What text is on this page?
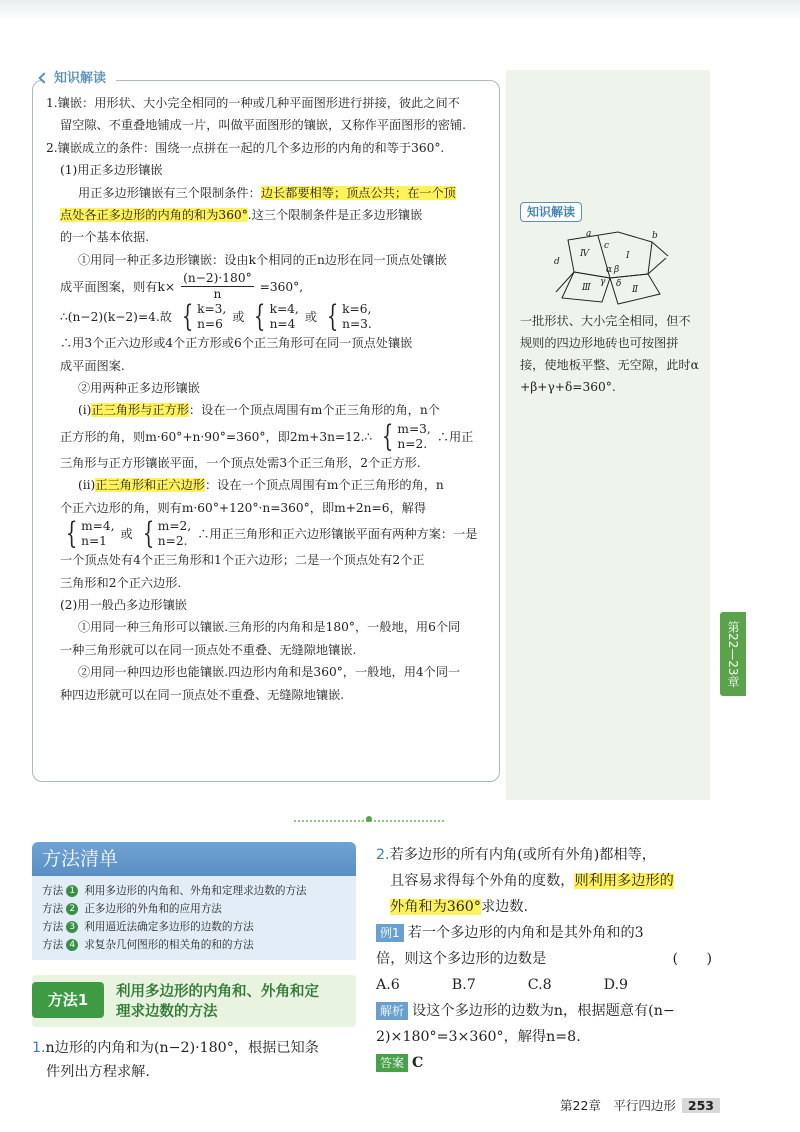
知识解读

1.镶嵌：用形状、大小完全相同的一种或几种平面图形进行拼接，彼此之间不

留空隙、不重叠地铺成一片，叫做平面图形的镶嵌，又称作平面图形的密铺.

2.镶嵌成立的条件：围绕一点拼在一起的几个多边形的内角的和等于360°.

(1)用正多边形镶嵌

用正多边形镶嵌有三个限制条件：边长都要相等；顶点公共；在一个顶

点处各正多边形的内角的和为360°.这三个限制条件是正多边形镶嵌

的一个基本依据.

①用同一种正多边形镶嵌：设由k个相同的正n边形在同一顶点处镶嵌

成平面图案，则有$k\times \frac{(n-2)\cdot 180^\circ}{n} =360^\circ$,

∴(n−2)(k−2)=4.故 { k=3,
n=6
或 { k=4,
n=4
或 { k=6,
n=3.

∴用3个正六边形或4个正方形或6个正三角形可在同一顶点处镶嵌

成平面图案.

②用两种正多边形镶嵌

(i)正三角形与正方形：设在一个顶点周围有m个正三角形的角，n个

正方形的角，则m·60°+n·90°=360°，即2m+3n=12.∴ { m=3,
n=2.
∴用正

三角形与正方形镶嵌平面，一个顶点处需3个正三角形，2个正方形.

(ii)正三角形和正六边形：设在一个顶点周围有m个正三角形的角，n

个正六边形的角，则有m·60°+120°·n=360°，即m+2n=6，解得

{ m=4,
n=1
或 { m=2,
n=2.
∴用正三角形和正六边形镶嵌平面有两种方案：一是

一个顶点处有4个正三角形和1个正六边形；二是一个顶点处有2个正

三角形和2个正六边形.

(2)用一般凸多边形镶嵌

①用同一种三角形可以镶嵌.三角形的内角和是180°，一般地，用6个同

一种三角形就可以在同一顶点处不重叠、无缝隙地镶嵌.

②用同一种四边形也能镶嵌.四边形内角和是360°，一般地，用4个同一

种四边形就可以在同一顶点处不重叠、无缝隙地镶嵌.

知识解读
a	b
c
d
Ⅰ
Ⅱ
Ⅲ
Ⅳ
α β
γ δ
一批形状、大小完全相同，但不
规则的四边形地砖也可按图拼
接，使地板平整、无空隙，此时α
+β+γ+δ=360°.
第22—23章
方法清单
方法 1 利用多边形的内角和、外角和定理求边数的方法
方法 2 正多边形的外角和的应用方法
方法 3 利用逼近法确定多边形的边数的方法
方法 4 求复杂几何图形的相关角的和的方法
方法1	利用多边形的内角和、外角和定
理求边数的方法
1.n边形的内角和为(n−2)·180°，根据已知条
件列出方程求解.
2.若多边形的所有内角(或所有外角)都相等，
且容易求得每个外角的度数，则利用多边形的
外角和为360°求边数.
例1 若一个多边形的内角和是其外角和的3
倍，则这个多边形的边数是	(　　)
A.6	B.7	C.8	D.9
解析 设这个多边形的边数为n，根据题意有(n−
2)×180°=3×360°，解得n=8.
答案 C
第22章　平行四边形 253
